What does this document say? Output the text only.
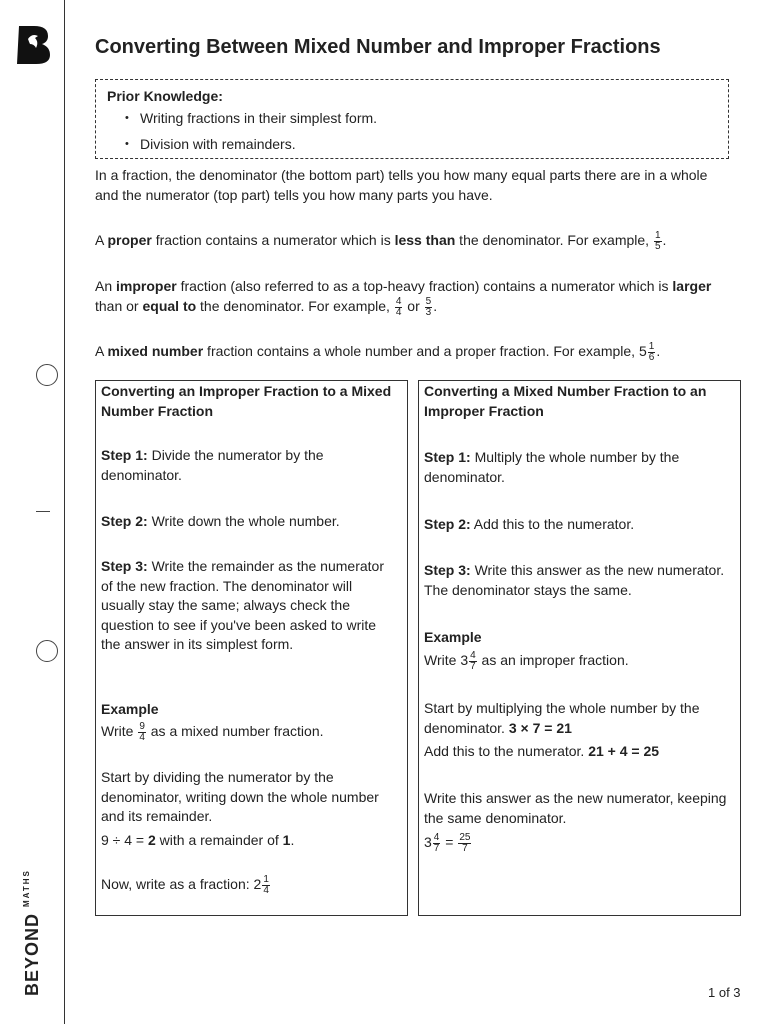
BEYOND
MATHS
Converting Between Mixed Number and Improper Fractions
Prior Knowledge:
• Writing fractions in their simplest form.
• Division with remainders.

In a fraction, the denominator (the bottom part) tells you how many equal parts there are in a whole and the numerator (top part) tells you how many parts you have.

A proper fraction contains a numerator which is less than the denominator. For example, $\frac{1}{5}$ .

An improper fraction (also referred to as a top-heavy fraction) contains a numerator which is larger than or equal to the denominator. For example, $\frac{4}{4}$ or $\frac{5}{3}$ .

A mixed number fraction contains a whole number and a proper fraction. For example, $5 \frac{1}{6}$ .

Converting an Improper Fraction to a Mixed Number Fraction

Step 1: Divide the numerator by the denominator.

Step 2: Write down the whole number.

Step 3: Write the remainder as the numerator of the new fraction. The denominator will usually stay the same; always check the question to see if you've been asked to write the answer in its simplest form.

Example

Write $\frac{9}{4}$ as a mixed number fraction.

Start by dividing the numerator by the denominator, writing down the whole number and its remainder.

9 ÷ 4 = 2 with a remainder of 1.

Now, write as a fraction: $2 \frac{1}{4}$

Converting a Mixed Number Fraction to an Improper Fraction

Step 1: Multiply the whole number by the denominator.

Step 2: Add this to the numerator.

Step 3: Write this answer as the new numerator. The denominator stays the same.

Example

Write $3 \frac{4}{7}$ as an improper fraction.

Start by multiplying the whole number by the denominator. 3 × 7 = 21

Add this to the numerator. 21 + 4 = 25

Write this answer as the new numerator, keeping the same denominator.

$3 \frac{4}{7} = \frac{25}{7}$

1 of 3
